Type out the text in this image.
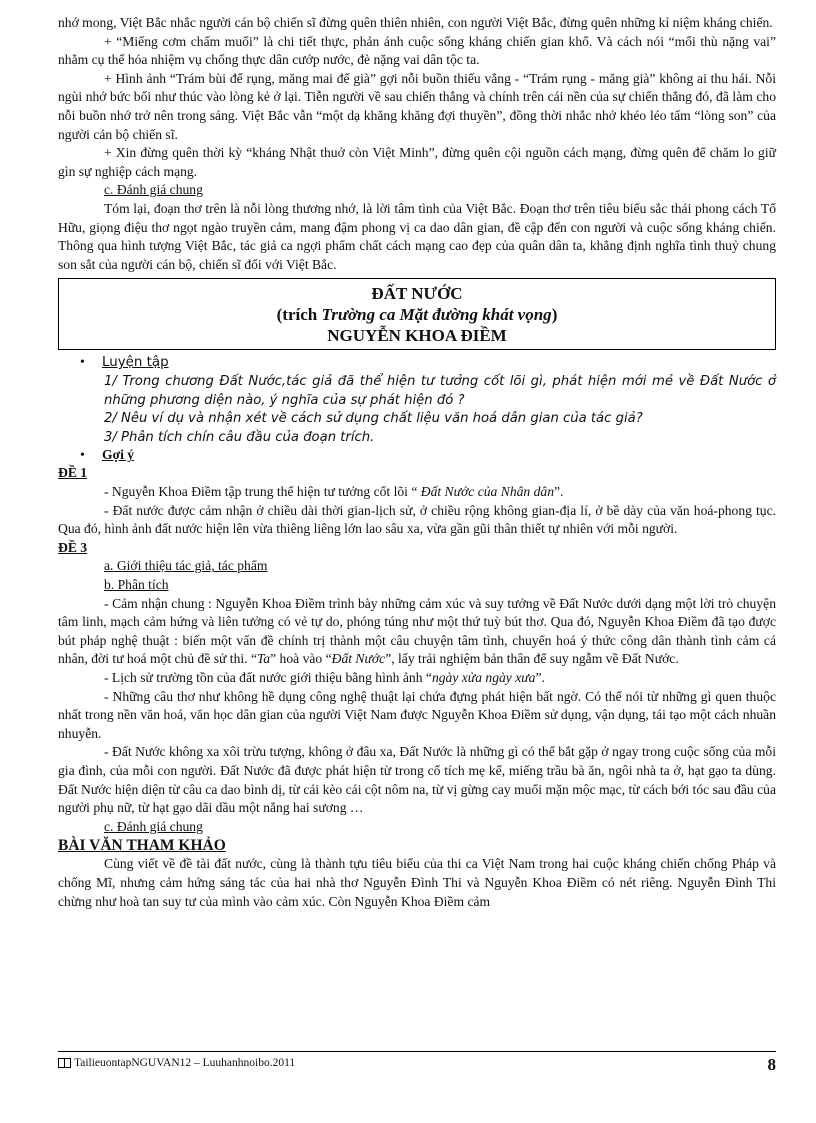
nhớ mong, Việt Bắc nhắc người cán bộ chiến sĩ đừng quên thiên nhiên, con người Việt Bắc, đừng quên những kỉ niệm kháng chiến.

+ “Miếng cơm chấm muối” là chi tiết thực, phản ánh cuộc sống kháng chiến gian khổ. Và cách nói “mối thù nặng vai” nhằm cụ thể hóa nhiệm vụ chống thực dân cướp nước, đè nặng vai dân tộc ta.

+ Hình ảnh “Trám bùi để rụng, măng mai để già” gợi nỗi buồn thiếu vắng - “Trám rụng - măng già” không ai thu hái. Nỗi ngùi nhớ bức bối như thúc vào lòng kẻ ở lại. Tiễn người về sau chiến thắng và chính trên cái nền của sự chiến thắng đó, đã làm cho nỗi buồn nhớ trở nên trong sáng. Việt Bắc vẫn “một dạ khăng khăng đợi thuyền”, đồng thời nhắc nhở khéo léo tấm “lòng son” của người cán bộ chiến sĩ.

+ Xin đừng quên thời kỳ “kháng Nhật thuở còn Việt Minh”, đừng quên cội nguồn cách mạng, đừng quên để chăm lo giữ gìn sự nghiệp cách mạng.

c. Đánh giá chung

Tóm lại, đoạn thơ trên là nỗi lòng thương nhớ, là lời tâm tình của Việt Bắc. Đoạn thơ trên tiêu biểu sắc thái phong cách Tố Hữu, giọng điệu thơ ngọt ngào truyền cảm, mang đậm phong vị ca dao dân gian, đề cập đến con người và cuộc sống kháng chiến. Thông qua hình tượng Việt Bắc, tác giả ca ngợi phẩm chất cách mạng cao đẹp của quân dân ta, khẳng định nghĩa tình thuỷ chung son sắt của người cán bộ, chiến sĩ đối với Việt Bắc.

ĐẤT NƯỚC
(trích Trường ca Mặt đường khát vọng)
NGUYỄN KHOA ĐIỀM
•	Luyện tập

1/ Trong chương Đất Nước,tác giả đã thể hiện tư tưởng cốt lõi gì, phát hiện mới mẻ về Đất Nước ở những phương diện nào, ý nghĩa của sự phát hiện đó ?

2/ Nêu ví dụ và nhận xét về cách sử dụng chất liệu văn hoá dân gian của tác giả?

3/ Phân tích chín câu đầu của đoạn trích.

•	Gợi ý

ĐỀ 1

- Nguyễn Khoa Điềm tập trung thể hiện tư tưởng cốt lõi “ Đất Nước của Nhân dân”.

- Đất nước được cảm nhận ở chiều dài thời gian-lịch sử, ở chiều rộng không gian-địa lí, ở bề dày của văn hoá-phong tục. Qua đó, hình ảnh đất nước hiện lên vừa thiêng liêng lớn lao sâu xa, vừa gần gũi thân thiết tự nhiên với mỗi người.

ĐỀ 3

a. Giới thiệu tác giả, tác phẩm

b. Phân tích

- Cảm nhận chung : Nguyễn Khoa Điềm trình bày những cảm xúc và suy tưởng về Đất Nước dưới dạng một lời trò chuyện tâm linh, mạch cảm hứng và liên tưởng có vẻ tự do, phóng túng như một thứ tuỳ bút thơ. Qua đó, Nguyễn Khoa Điềm đã tạo được bút pháp nghệ thuật : biến một vấn đề chính trị thành một câu chuyện tâm tình, chuyển hoá ý thức công dân thành tình cảm cá nhân, đời tư hoá một chủ đề sử thi. “Ta” hoà vào “Đất Nước”, lấy trải nghiệm bản thân để suy ngẫm về Đất Nước.

- Lịch sử trường tồn của đất nước giới thiệu bằng hình ảnh “ngày xửa ngày xưa”.

- Những câu thơ như không hề dụng công nghệ thuật lại chứa đựng phát hiện bất ngờ. Có thể nói từ những gì quen thuộc nhất trong nền văn hoá, văn học dân gian của người Việt Nam được Nguyễn Khoa Điềm sử dụng, vận dụng, tái tạo một cách nhuần nhuyễn.

- Đất Nước không xa xôi trừu tượng, không ở đâu xa, Đất Nước là những gì có thể bắt gặp ở ngay trong cuộc sống của mỗi gia đình, của mỗi con người. Đất Nước đã được phát hiện từ trong cổ tích mẹ kể, miếng trầu bà ăn, ngôi nhà ta ở, hạt gạo ta dùng. Đất Nước hiện diện từ câu ca dao bình dị, từ cái kèo cái cột nôm na, từ vị gừng cay muối mặn mộc mạc, từ cách bới tóc sau đầu của người phụ nữ, từ hạt gạo dãi dầu một nắng hai sương …

c. Đánh giá chung

BÀI VĂN THAM KHẢO

Cùng viết về đề tài đất nước, cùng là thành tựu tiêu biểu của thi ca Việt Nam trong hai cuộc kháng chiến chống Pháp và chống Mĩ, nhưng cảm hứng sáng tác của hai nhà thơ Nguyễn Đình Thi và Nguyễn Khoa Điềm có nét riêng. Nguyễn Đình Thi chừng như hoà tan suy tư của mình vào cảm xúc. Còn Nguyễn Khoa Điềm cảm

TailieuontapNGUVAN12 – Luuhanhnoibo.2011	8
